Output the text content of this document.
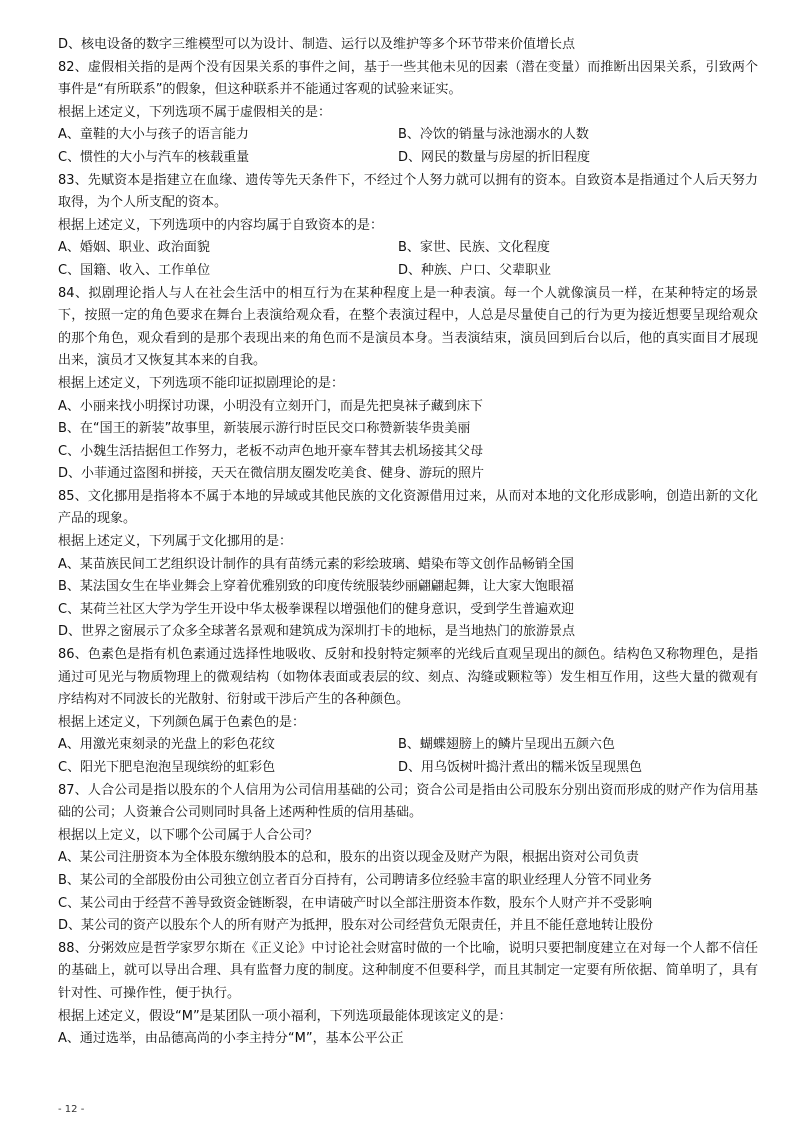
D、核电设备的数字三维模型可以为设计、制造、运行以及维护等多个环节带来价值增长点
82、虚假相关指的是两个没有因果关系的事件之间，基于一些其他未见的因素（潜在变量）而推断出因果关系，引致两个事件是“有所联系”的假象，但这种联系并不能通过客观的试验来证实。
根据上述定义，下列选项不属于虚假相关的是：
A、童鞋的大小与孩子的语言能力	B、冷饮的销量与泳池溺水的人数
C、惯性的大小与汽车的核载重量	D、网民的数量与房屋的折旧程度
83、先赋资本是指建立在血缘、遗传等先天条件下，不经过个人努力就可以拥有的资本。自致资本是指通过个人后天努力取得，为个人所支配的资本。
根据上述定义，下列选项中的内容均属于自致资本的是：
A、婚姻、职业、政治面貌	B、家世、民族、文化程度
C、国籍、收入、工作单位	D、种族、户口、父辈职业
84、拟剧理论指人与人在社会生活中的相互行为在某种程度上是一种表演。每一个人就像演员一样，在某种特定的场景下，按照一定的角色要求在舞台上表演给观众看，在整个表演过程中，人总是尽量使自己的行为更为接近想要呈现给观众的那个角色，观众看到的是那个表现出来的角色而不是演员本身。当表演结束，演员回到后台以后，他的真实面目才展现出来，演员才又恢复其本来的自我。
根据上述定义，下列选项不能印证拟剧理论的是：
A、小丽来找小明探讨功课，小明没有立刻开门，而是先把臭袜子藏到床下
B、在“国王的新装”故事里，新装展示游行时臣民交口称赞新装华贵美丽
C、小魏生活拮据但工作努力，老板不动声色地开豪车替其去机场接其父母
D、小菲通过盗图和拼接，天天在微信朋友圈发吃美食、健身、游玩的照片
85、文化挪用是指将本不属于本地的异域或其他民族的文化资源借用过来，从而对本地的文化形成影响，创造出新的文化产品的现象。
根据上述定义，下列属于文化挪用的是：
A、某苗族民间工艺组织设计制作的具有苗绣元素的彩绘玻璃、蜡染布等文创作品畅销全国
B、某法国女生在毕业舞会上穿着优雅别致的印度传统服装纱丽翩翩起舞，让大家大饱眼福
C、某荷兰社区大学为学生开设中华太极拳课程以增强他们的健身意识，受到学生普遍欢迎
D、世界之窗展示了众多全球著名景观和建筑成为深圳打卡的地标，是当地热门的旅游景点
86、色素色是指有机色素通过选择性地吸收、反射和投射特定频率的光线后直观呈现出的颜色。结构色又称物理色，是指通过可见光与物质物理上的微观结构（如物体表面或表层的纹、刻点、沟缝或颗粒等）发生相互作用，这些大量的微观有序结构对不同波长的光散射、衍射或干涉后产生的各种颜色。
根据上述定义，下列颜色属于色素色的是：
A、用激光束刻录的光盘上的彩色花纹	B、蝴蝶翅膀上的鳞片呈现出五颜六色
C、阳光下肥皂泡泡呈现缤纷的虹彩色	D、用乌饭树叶捣汁煮出的糯米饭呈现黑色
87、人合公司是指以股东的个人信用为公司信用基础的公司；资合公司是指由公司股东分别出资而形成的财产作为信用基础的公司；人资兼合公司则同时具备上述两种性质的信用基础。
根据以上定义，以下哪个公司属于人合公司？
A、某公司注册资本为全体股东缴纳股本的总和，股东的出资以现金及财产为限，根据出资对公司负责
B、某公司的全部股份由公司独立创立者百分百持有，公司聘请多位经验丰富的职业经理人分管不同业务
C、某公司由于经营不善导致资金链断裂，在申请破产时以全部注册资本作数，股东个人财产并不受影响
D、某公司的资产以股东个人的所有财产为抵押，股东对公司经营负无限责任，并且不能任意地转让股份
88、分粥效应是哲学家罗尔斯在《正义论》中讨论社会财富时做的一个比喻，说明只要把制度建立在对每一个人都不信任的基础上，就可以导出合理、具有监督力度的制度。这种制度不但要科学，而且其制定一定要有所依据、简单明了，具有针对性、可操作性，便于执行。
根据上述定义，假设“M”是某团队一项小福利，下列选项最能体现该定义的是：
A、通过选举，由品德高尚的小李主持分“M”，基本公平公正
- 12 -
